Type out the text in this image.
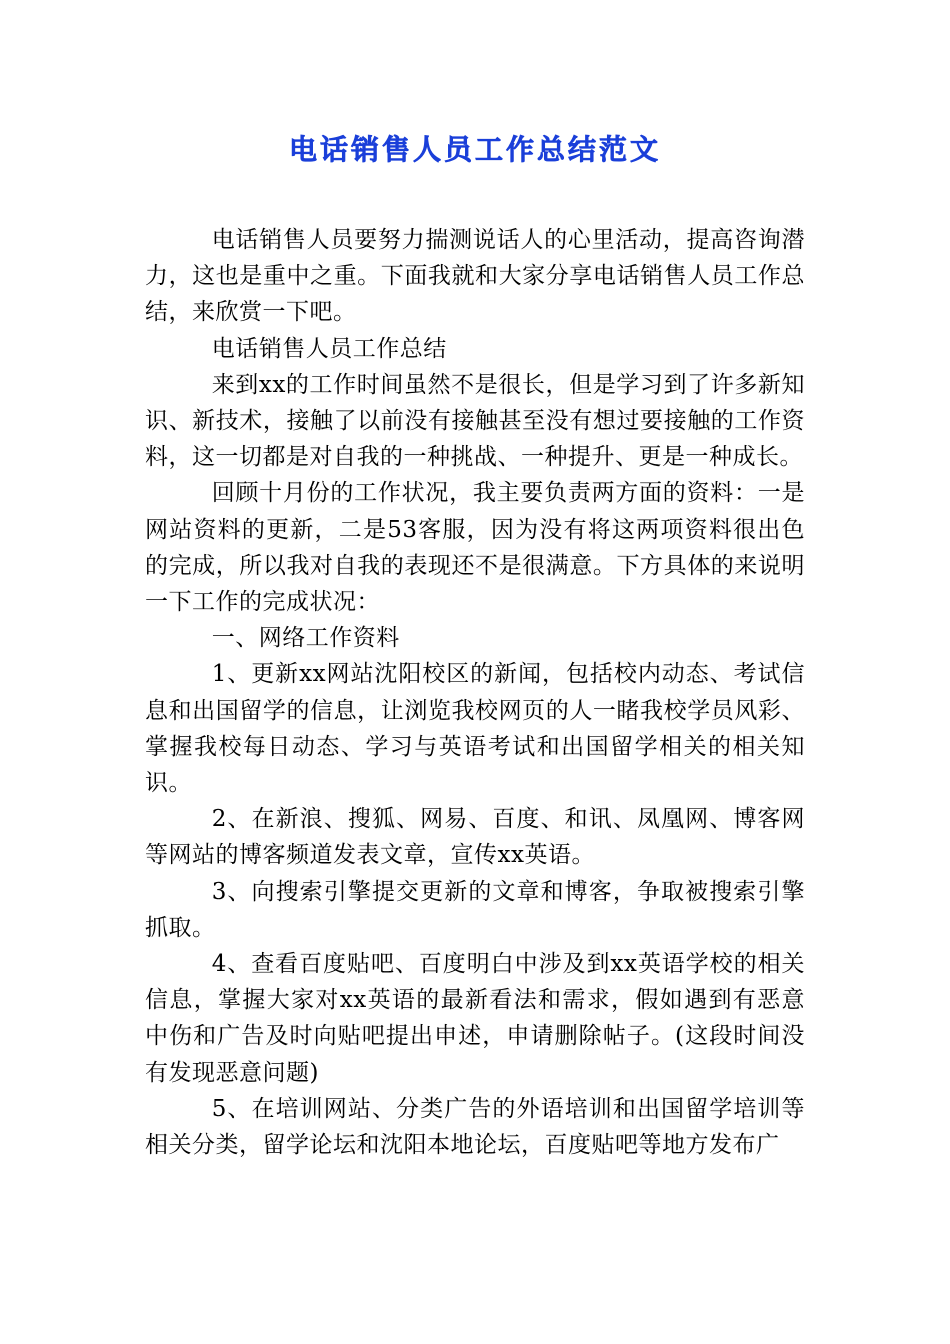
电话销售人员工作总结范文

电话销售人员要努力揣测说话人的心里活动，提高咨询潜力，这也是重中之重。下面我就和大家分享电话销售人员工作总结，来欣赏一下吧。

电话销售人员工作总结

来到xx的工作时间虽然不是很长，但是学习到了许多新知识、新技术，接触了以前没有接触甚至没有想过要接触的工作资料，这一切都是对自我的一种挑战、一种提升、更是一种成长。

回顾十月份的工作状况，我主要负责两方面的资料：一是网站资料的更新，二是53客服，因为没有将这两项资料很出色的完成，所以我对自我的表现还不是很满意。下方具体的来说明一下工作的完成状况：

一、网络工作资料

1、更新xx网站沈阳校区的新闻，包括校内动态、考试信息和出国留学的信息，让浏览我校网页的人一睹我校学员风彩、掌握我校每日动态、学习与英语考试和出国留学相关的相关知识。

2、在新浪、搜狐、网易、百度、和讯、凤凰网、博客网等网站的博客频道发表文章，宣传xx英语。

3、向搜索引擎提交更新的文章和博客，争取被搜索引擎抓取。

4、查看百度贴吧、百度明白中涉及到xx英语学校的相关信息，掌握大家对xx英语的最新看法和需求，假如遇到有恶意中伤和广告及时向贴吧提出申述，申请删除帖子。(这段时间没有发现恶意问题)

5、在培训网站、分类广告的外语培训和出国留学培训等相关分类，留学论坛和沈阳本地论坛，百度贴吧等地方发布广
